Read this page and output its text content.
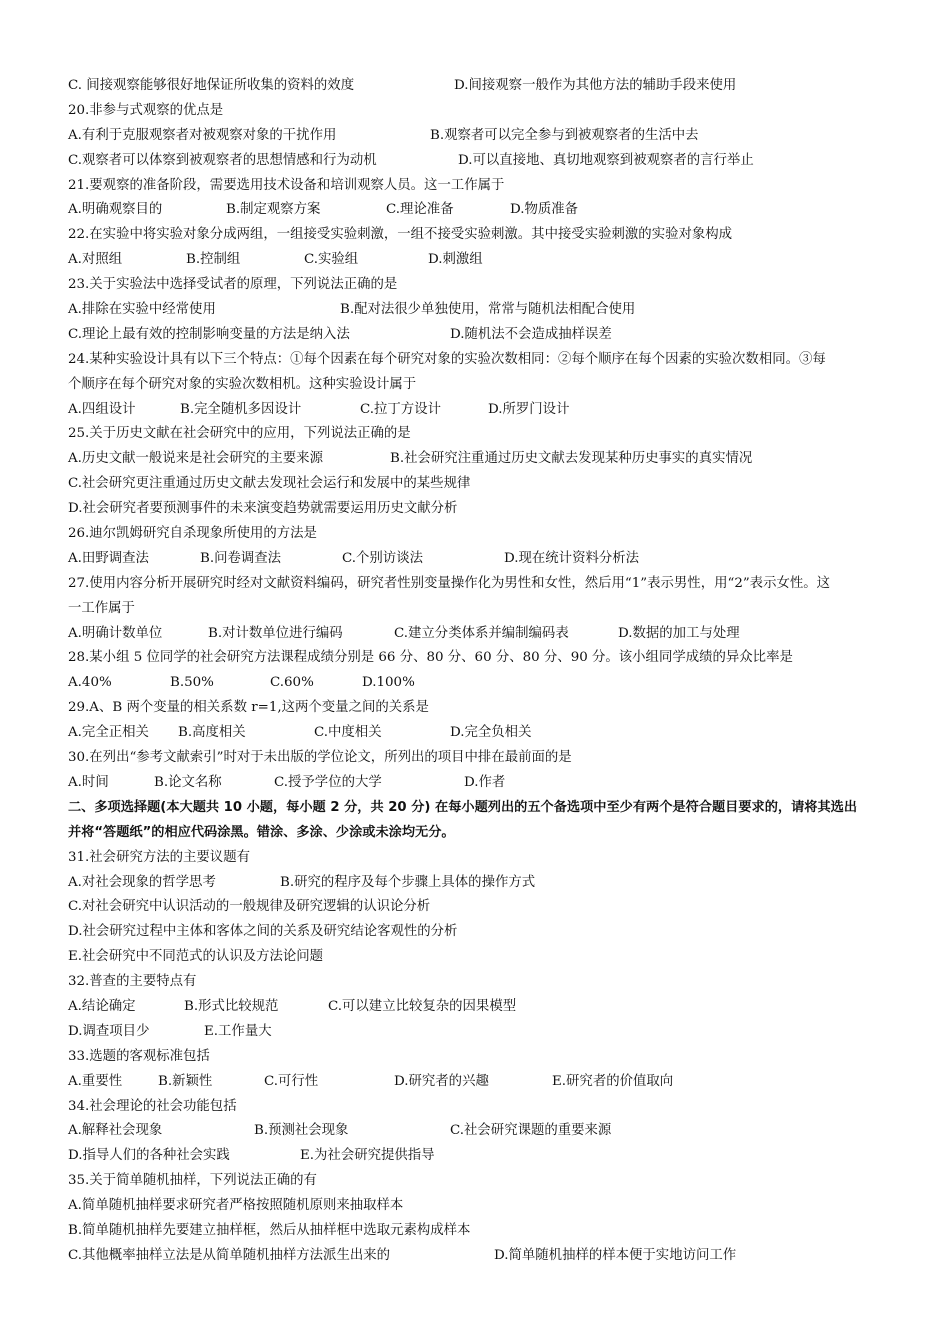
C. 间接观察能够很好地保证所收集的资料的效度	D.间接观察一般作为其他方法的辅助手段来使用
20.非参与式观察的优点是
A.有利于克服观察者对被观察对象的干扰作用	B.观察者可以完全参与到被观察者的生活中去
C.观察者可以体察到被观察者的思想情感和行为动机	D.可以直接地、真切地观察到被观察者的言行举止
21.要观察的准备阶段，需要选用技术设备和培训观察人员。这一工作属于
A.明确观察目的	B.制定观察方案	C.理论准备	D.物质准备
22.在实验中将实验对象分成两组，一组接受实验刺激，一组不接受实验刺激。其中接受实验刺激的实验对象构成
A.对照组	B.控制组	C.实验组	D.刺激组
23.关于实验法中选择受试者的原理，下列说法正确的是
A.排除在实验中经常使用	B.配对法很少单独使用，常常与随机法相配合使用
C.理论上最有效的控制影响变量的方法是纳入法	D.随机法不会造成抽样误差
24.某种实验设计具有以下三个特点：①每个因素在每个研究对象的实验次数相同：②每个顺序在每个因素的实验次数相同。③每
个顺序在每个研究对象的实验次数相机。这种实验设计属于
A.四组设计	B.完全随机多因设计	C.拉丁方设计	D.所罗门设计
25.关于历史文献在社会研究中的应用，下列说法正确的是
A.历史文献一般说来是社会研究的主要来源	B.社会研究注重通过历史文献去发现某种历史事实的真实情况
C.社会研究更注重通过历史文献去发现社会运行和发展中的某些规律
D.社会研究者要预测事件的未来演变趋势就需要运用历史文献分析
26.迪尔凯姆研究自杀现象所使用的方法是
A.田野调查法	B.问卷调查法	C.个别访谈法	D.现在统计资料分析法
27.使用内容分析开展研究时经对文献资料编码，研究者性别变量操作化为男性和女性，然后用“1”表示男性，用“2”表示女性。这
一工作属于
A.明确计数单位	B.对计数单位进行编码	C.建立分类体系并编制编码表	D.数据的加工与处理
28.某小组 5 位同学的社会研究方法课程成绩分别是 66 分、80 分、60 分、80 分、90 分。该小组同学成绩的异众比率是
A.40%	B.50%	C.60%	D.100%
29.A、B 两个变量的相关系数 r=1,这两个变量之间的关系是
A.完全正相关 B.高度相关	C.中度相关	D.完全负相关
30.在列出“参考文献索引”时对于未出版的学位论文，所列出的项目中排在最前面的是
A.时间	B.论文名称	C.授予学位的大学	D.作者
二、多项选择题(本大题共 10 小题，每小题 2 分，共 20 分) 在每小题列出的五个备选项中至少有两个是符合题目要求的，请将其选出
并将“答题纸”的相应代码涂黑。错涂、多涂、少涂或未涂均无分。
31.社会研究方法的主要议题有
A.对社会现象的哲学思考	B.研究的程序及每个步骤上具体的操作方式
C.对社会研究中认识活动的一般规律及研究逻辑的认识论分析
D.社会研究过程中主体和客体之间的关系及研究结论客观性的分析
E.社会研究中不同范式的认识及方法论问题
32.普查的主要特点有
A.结论确定	B.形式比较规范	C.可以建立比较复杂的因果模型
D.调查项目少	E.工作量大
33.选题的客观标准包括
A.重要性	B.新颖性	C.可行性	D.研究者的兴趣	E.研究者的价值取向
34.社会理论的社会功能包括
A.解释社会现象	B.预测社会现象	C.社会研究课题的重要来源
D.指导人们的各种社会实践	E.为社会研究提供指导
35.关于简单随机抽样，下列说法正确的有
A.简单随机抽样要求研究者严格按照随机原则来抽取样本
B.简单随机抽样先要建立抽样框，然后从抽样框中选取元素构成样本
C.其他概率抽样立法是从简单随机抽样方法派生出来的	D.简单随机抽样的样本便于实地访问工作
